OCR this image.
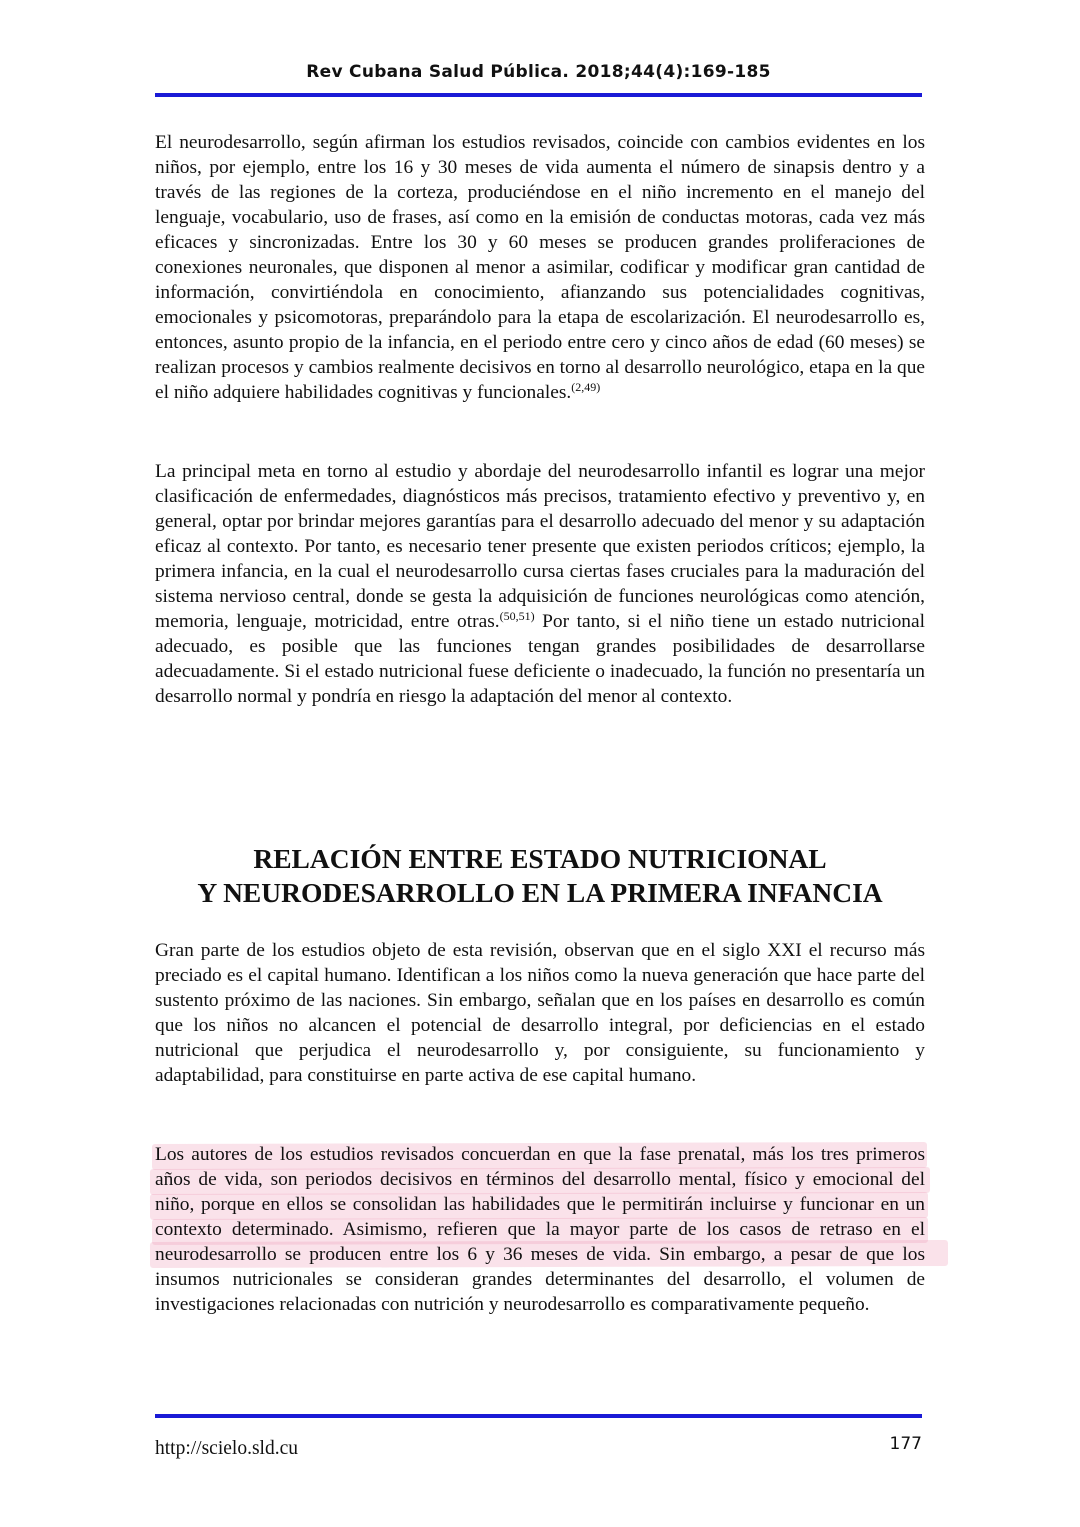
Rev Cubana Salud Pública. 2018;44(4):169-185

El neurodesarrollo, según afirman los estudios revisados, coincide con cambios evidentes en los niños, por ejemplo, entre los 16 y 30 meses de vida aumenta el número de sinapsis dentro y a través de las regiones de la corteza, produciéndose en el niño incremento en el manejo del lenguaje, vocabulario, uso de frases, así como en la emisión de conductas motoras, cada vez más eficaces y sincronizadas. Entre los 30 y 60 meses se producen grandes proliferaciones de conexiones neuronales, que disponen al menor a asimilar, codificar y modificar gran cantidad de información, convirtiéndola en conocimiento, afianzando sus potencialidades cognitivas, emocionales y psicomotoras, preparándolo para la etapa de escolarización. El neurodesarrollo es, entonces, asunto propio de la infancia, en el periodo entre cero y cinco años de edad (60 meses) se realizan procesos y cambios realmente decisivos en torno al desarrollo neurológico, etapa en la que el niño adquiere habilidades cognitivas y funcionales.$^{(2,49)}$

La principal meta en torno al estudio y abordaje del neurodesarrollo infantil es lograr una mejor clasificación de enfermedades, diagnósticos más precisos, tratamiento efectivo y preventivo y, en general, optar por brindar mejores garantías para el desarrollo adecuado del menor y su adaptación eficaz al contexto. Por tanto, es necesario tener presente que existen periodos críticos; ejemplo, la primera infancia, en la cual el neurodesarrollo cursa ciertas fases cruciales para la maduración del sistema nervioso central, donde se gesta la adquisición de funciones neurológicas como atención, memoria, lenguaje, motricidad, entre otras.$^{(50,51)}$ Por tanto, si el niño tiene un estado nutricional adecuado, es posible que las funciones tengan grandes posibilidades de desarrollarse adecuadamente. Si el estado nutricional fuese deficiente o inadecuado, la función no presentaría un desarrollo normal y pondría en riesgo la adaptación del menor al contexto.

RELACIÓN ENTRE ESTADO NUTRICIONAL
Y NEURODESARROLLO EN LA PRIMERA INFANCIA

Gran parte de los estudios objeto de esta revisión, observan que en el siglo XXI el recurso más preciado es el capital humano. Identifican a los niños como la nueva generación que hace parte del sustento próximo de las naciones. Sin embargo, señalan que en los países en desarrollo es común que los niños no alcancen el potencial de desarrollo integral, por deficiencias en el estado nutricional que perjudica el neurodesarrollo y, por consiguiente, su funcionamiento y adaptabilidad, para constituirse en parte activa de ese capital humano.

Los autores de los estudios revisados concuerdan en que la fase prenatal, más los tres primeros años de vida, son periodos decisivos en términos del desarrollo mental, físico y emocional del niño, porque en ellos se consolidan las habilidades que le permitirán incluirse y funcionar en un contexto determinado. Asimismo, refieren que la mayor parte de los casos de retraso en el neurodesarrollo se producen entre los 6 y 36 meses de vida. Sin embargo, a pesar de que los insumos nutricionales se consideran grandes determinantes del desarrollo, el volumen de investigaciones relacionadas con nutrición y neurodesarrollo es comparativamente pequeño.

http://scielo.sld.cu	177
